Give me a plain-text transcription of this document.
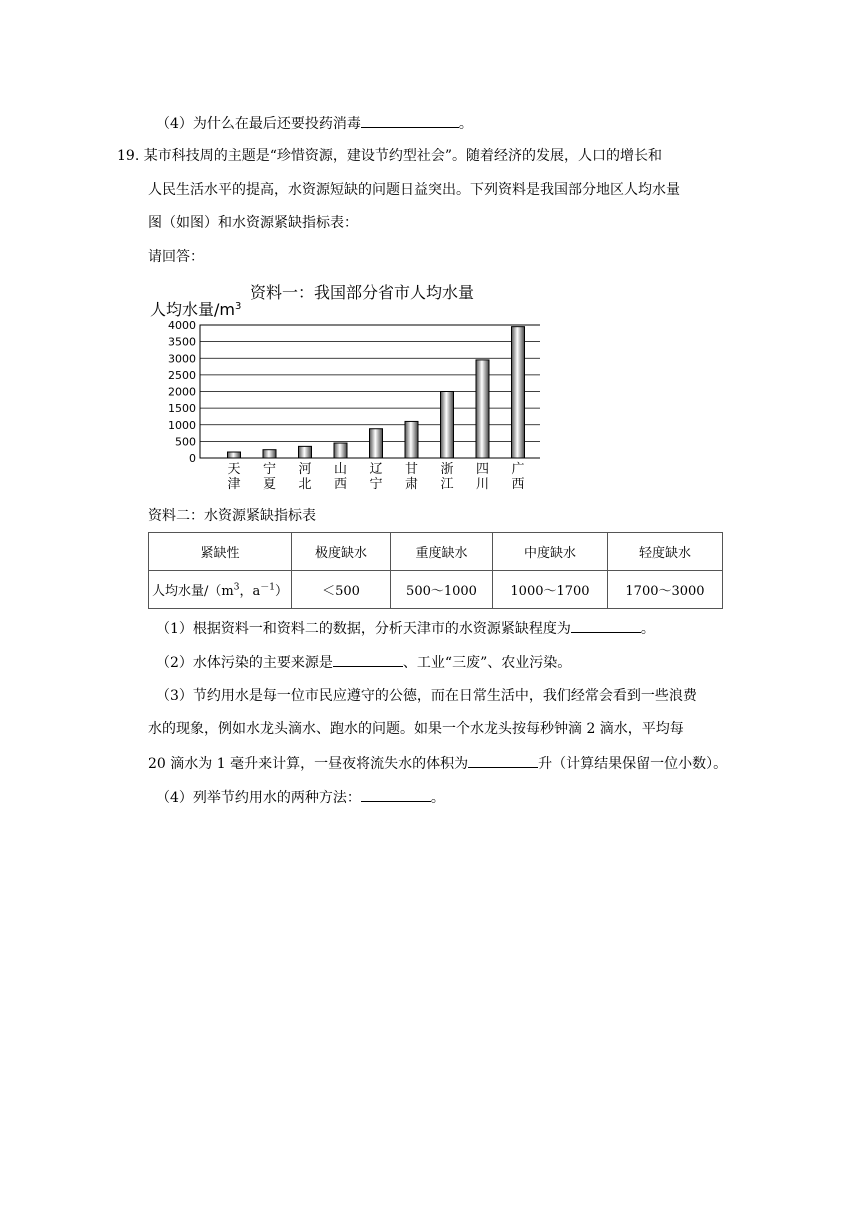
（4）为什么在最后还要投药消毒	。
19. 某市科技周的主题是“珍惜资源，建设节约型社会”。随着经济的发展，人口的增长和
人民生活水平的提高，水资源短缺的问题日益突出。下列资料是我国部分地区人均水量
图（如图）和水资源紧缺指标表：
请回答：
资料一：我国部分省市人均水量
人均水量$/m^3$
0
500
1000
1500
2000
2500
3000
3500
4000
天津
宁夏
河北
山西
辽宁
甘肃
浙江
四川
广西
资料二：水资源紧缺指标表
紧缺性	极度缺水	重度缺水	中度缺水	轻度缺水
人均水量$/(m^3$，$a^{-1}$）	＜500	500～1000	1000～1700	1700～3000
（1）根据资料一和资料二的数据，分析天津市的水资源紧缺程度为	。
（2）水体污染的主要来源是	、工业“三废”、农业污染。
（3）节约用水是每一位市民应遵守的公德，而在日常生活中，我们经常会看到一些浪费
水的现象，例如水龙头滴水、跑水的问题。如果一个水龙头按每秒钟滴 2 滴水，平均每
20 滴水为 1 毫升来计算，一昼夜将流失水的体积为	升（计算结果保留一位小数）。
（4）列举节约用水的两种方法：	。
